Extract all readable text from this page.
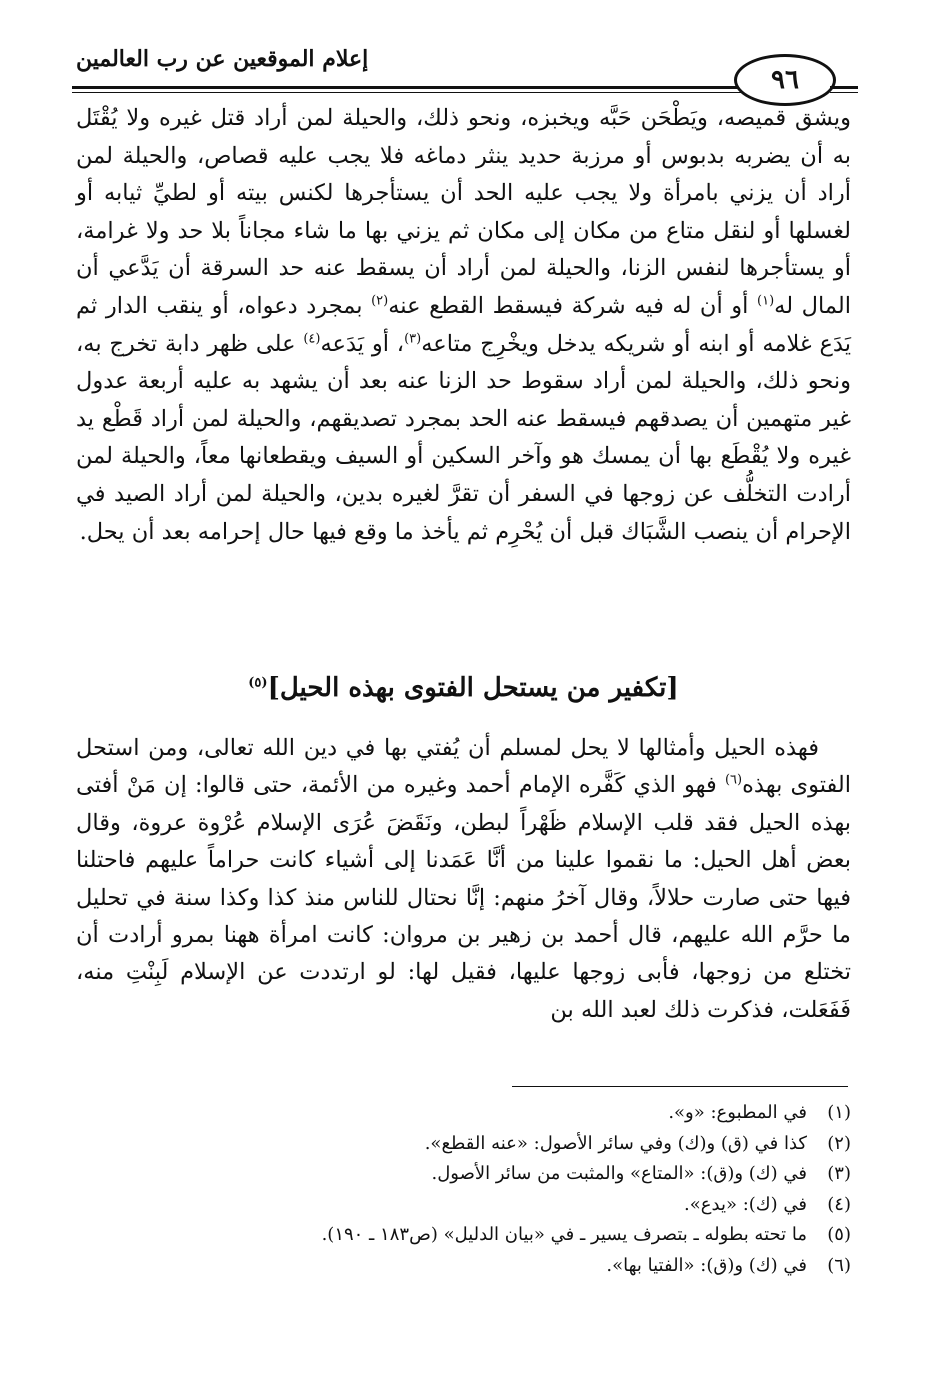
إعلام الموقعين عن رب العالمين
٩٦

ويشق قميصه، ويَطْحَن حَبَّه ويخبزه، ونحو ذلك، والحيلة لمن أراد قتل غيره ولا يُقْتَل به أن يضربه بدبوس أو مرزبة حديد ينثر دماغه فلا يجب عليه قصاص، والحيلة لمن أراد أن يزني بامرأة ولا يجب عليه الحد أن يستأجرها لكنس بيته أو لطيِّ ثيابه أو لغسلها أو لنقل متاع من مكان إلى مكان ثم يزني بها ما شاء مجاناً بلا حد ولا غرامة، أو يستأجرها لنفس الزنا، والحيلة لمن أراد أن يسقط عنه حد السرقة أن يَدَّعي أن المال له$^{(١)}$ أو أن له فيه شركة فيسقط القطع عنه$^{(٢)}$ بمجرد دعواه، أو ينقب الدار ثم يَدَع غلامه أو ابنه أو شريكه يدخل ويخْرِج متاعه$^{(٣)}$، أو يَدَعه$^{(٤)}$ على ظهر دابة تخرج به، ونحو ذلك، والحيلة لمن أراد سقوط حد الزنا عنه بعد أن يشهد به عليه أربعة عدول غير متهمين أن يصدقهم فيسقط عنه الحد بمجرد تصديقهم، والحيلة لمن أراد قَطْع يد غيره ولا يُقْطَع بها أن يمسك هو وآخر السكين أو السيف ويقطعانها معاً، والحيلة لمن أرادت التخلُّف عن زوجها في السفر أن تقرَّ لغيره بدين، والحيلة لمن أراد الصيد في الإحرام أن ينصب الشَّبَاك قبل أن يُحْرِم ثم يأخذ ما وقع فيها حال إحرامه بعد أن يحل.

[تكفير من يستحل الفتوى بهذه الحيل]$^{(٥)}$

فهذه الحيل وأمثالها لا يحل لمسلم أن يُفتي بها في دين الله تعالى، ومن استحل الفتوى بهذه$^{(٦)}$ فهو الذي كَفَّره الإمام أحمد وغيره من الأئمة، حتى قالوا: إن مَنْ أفتى بهذه الحيل فقد قلب الإسلام ظَهْراً لبطن، ونَقَضَ عُرَى الإسلام عُرْوة عروة، وقال بعض أهل الحيل: ما نقموا علينا من أنَّا عَمَدنا إلى أشياء كانت حراماً عليهم فاحتلنا فيها حتى صارت حلالاً، وقال آخرُ منهم: إنَّا نحتال للناس منذ كذا وكذا سنة في تحليل ما حرَّم الله عليهم، قال أحمد بن زهير بن مروان: كانت امرأة ههنا بمرو أرادت أن تختلع من زوجها، فأبى زوجها عليها، فقيل لها: لو ارتددت عن الإسلام لَبِنْتِ منه، فَفَعَلت، فذكرت ذلك لعبد الله بن

(١)
في المطبوع: «و».
(٢)
كذا في (ق) و(ك) وفي سائر الأصول: «عنه القطع».
(٣)
في (ك) و(ق): «المتاع» والمثبت من سائر الأصول.
(٤)
في (ك): «يدع».
(٥)
ما تحته بطوله ـ بتصرف يسير ـ في «بيان الدليل» (ص١٨٣ ـ ١٩٠).
(٦)
في (ك) و(ق): «الفتيا بها».
